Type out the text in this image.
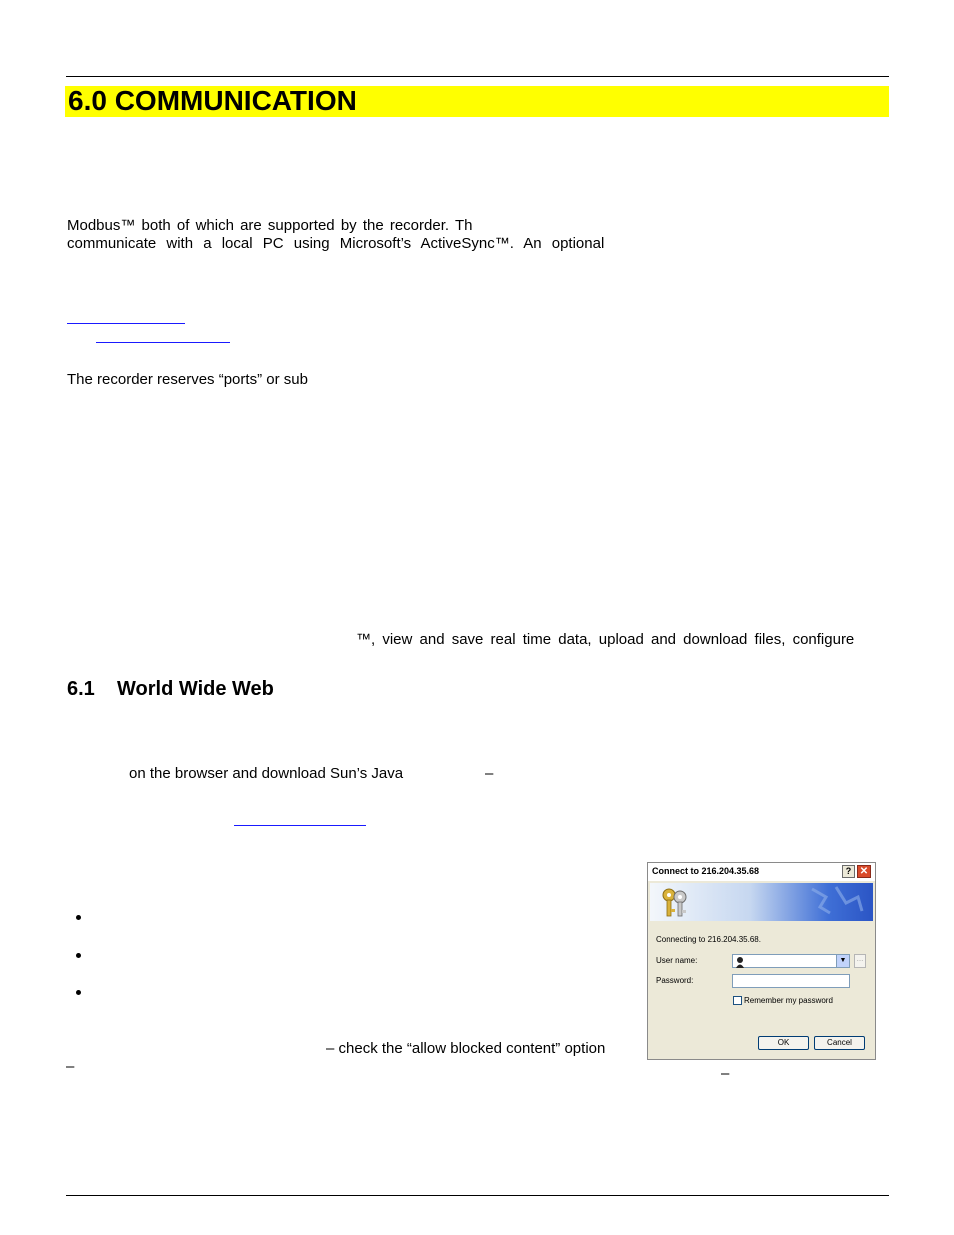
6.0 COMMUNICATION
Modbus™ both of which are supported by the recorder. Th
communicate with a local PC using Microsoft’s ActiveSync™. An optional
The recorder reserves “ports” or sub
™, view and save real time data, upload and download files, configure
6.1    World Wide Web
on the browser and download Sun’s Java	–
– check the “allow blocked content” option
–	–
Connect to 216.204.35.68	? ✕
Connecting to 216.204.35.68.
User name:	▼	…
Password:
Remember my password
OK	Cancel
